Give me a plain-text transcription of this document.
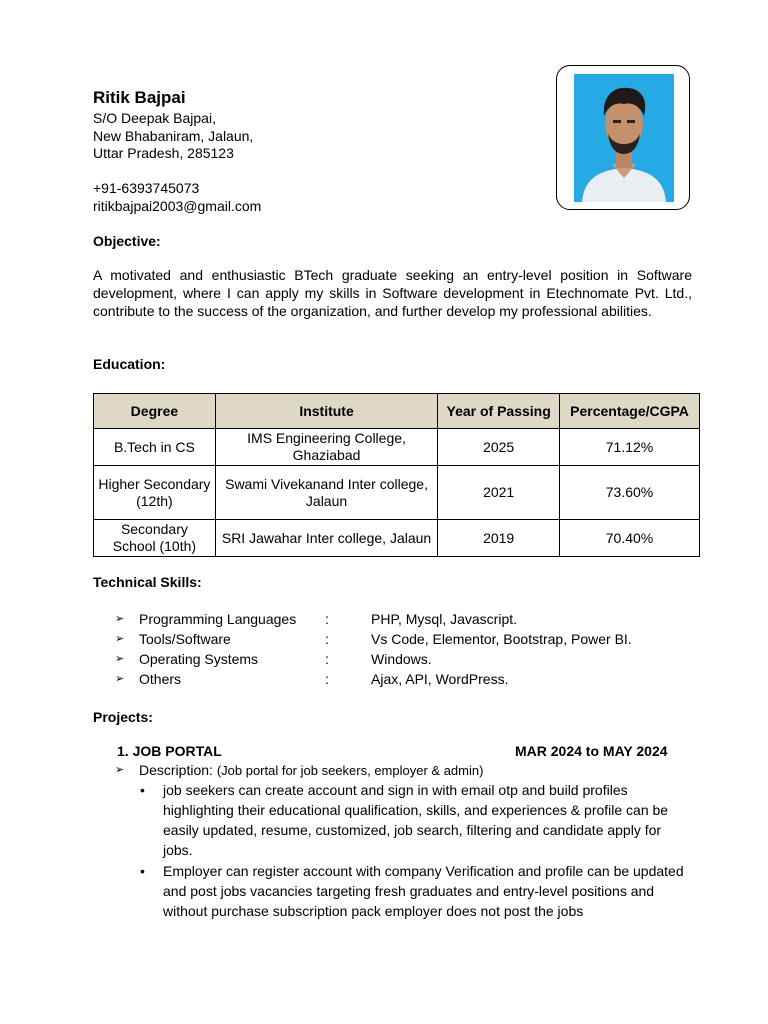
Ritik Bajpai
S/O Deepak Bajpai,
New Bhabaniram, Jalaun,
Uttar Pradesh, 285123
+91-6393745073
ritikbajpai2003@gmail.com
Objective:
A motivated and enthusiastic BTech graduate seeking an entry-level position in Software development, where I can apply my skills in Software development in Etechnomate Pvt. Ltd., contribute to the success of the organization, and further develop my professional abilities.
Education:
Degree	Institute	Year of Passing	Percentage/CGPA
B.Tech in CS	IMS Engineering College, Ghaziabad	2025	71.12%
Higher Secondary (12th)	Swami Vivekanand Inter college, Jalaun	2021	73.60%
Secondary School (10th)	SRI Jawahar Inter college, Jalaun	2019	70.40%
Technical Skills:
➢ Programming Languages :	PHP, Mysql, Javascript.
➢ Tools/Software	:	Vs Code, Elementor, Bootstrap, Power BI.
➢ Operating Systems	:	Windows.
➢ Others	:	Ajax, API, WordPress.
Projects:
1. JOB PORTAL	MAR 2024 to MAY 2024
➢ Description: (Job portal for job seekers, employer & admin)
• job seekers can create account and sign in with email otp and build profiles highlighting their educational qualification, skills, and experiences & profile can be easily updated, resume, customized, job search, filtering and candidate apply for jobs.
• Employer can register account with company Verification and profile can be updated and post jobs vacancies targeting fresh graduates and entry-level positions and without purchase subscription pack employer does not post the jobs
